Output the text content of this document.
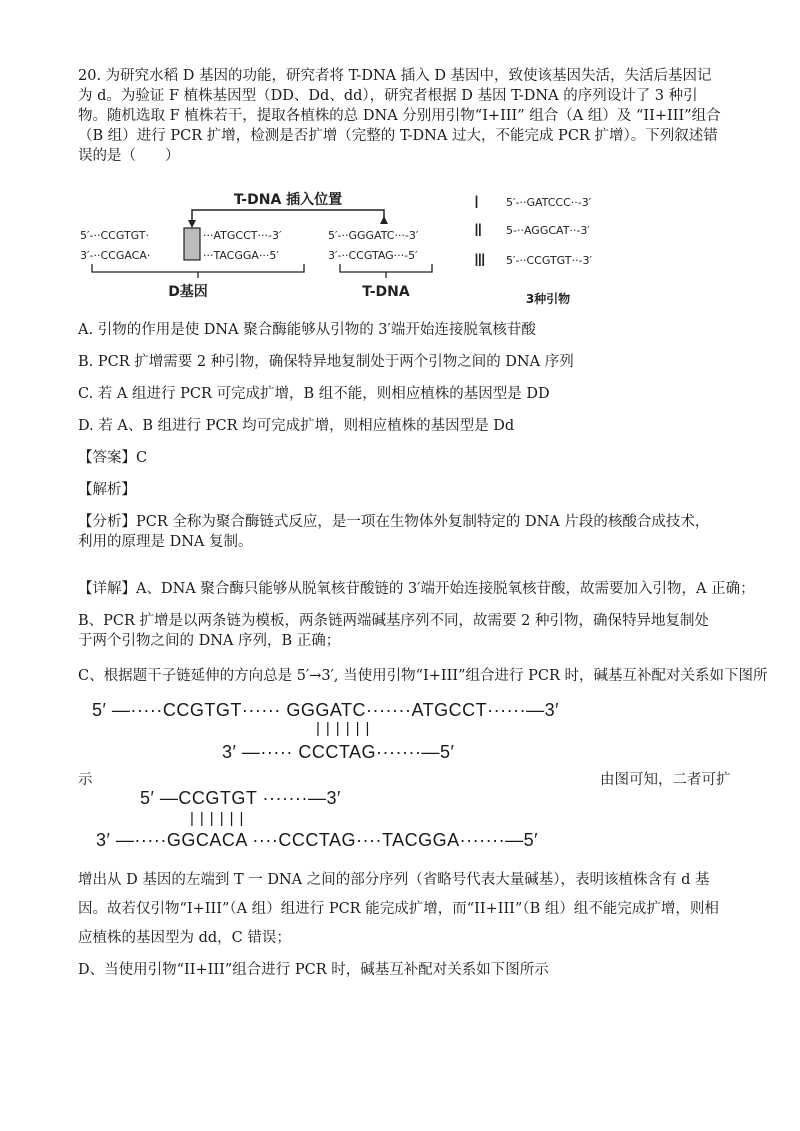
20. 为研究水稻 D 基因的功能，研究者将 T-DNA 插入 D 基因中，致使该基因失活，失活后基因记为 d。为验证 F 植株基因型（DD、Dd、dd），研究者根据 D 基因 T-DNA 的序列设计了 3 种引物。随机选取 F 植株若干，提取各植株的总 DNA 分别用引物“I+III” 组合（A 组）及 “II+III”组合（B 组）进行 PCR 扩增，检测是否扩增（完整的 T-DNA 过大，不能完成 PCR 扩增）。下列叙述错误的是（　　）

T-DNA 插入位置
5′-··CCGTGT·
3′-··CCGACA·
···ATGCCT···-3′
···TACGGA···5′
D基因
5′-··GGGATC···-3′
3′-··CCGTAG···-5′
T-DNA
Ⅰ 5′-··GATCCC··-3′
Ⅱ 5-··AGGCAT··-3′
Ⅲ 5′-··CCGTGT··-3′
3种引物

A. 引物的作用是使 DNA 聚合酶能够从引物的 3′端开始连接脱氧核苷酸

B. PCR 扩增需要 2 种引物，确保特异地复制处于两个引物之间的 DNA 序列

C. 若 A 组进行 PCR 可完成扩增，B 组不能，则相应植株的基因型是 DD

D. 若 A、B 组进行 PCR 均可完成扩增，则相应植株的基因型是 Dd

【答案】C

【解析】

【分析】PCR 全称为聚合酶链式反应，是一项在生物体外复制特定的 DNA 片段的核酸合成技术，利用的原理是 DNA 复制。

【详解】A、DNA 聚合酶只能够从脱氧核苷酸链的 3′端开始连接脱氧核苷酸，故需要加入引物，A 正确；

B、PCR 扩增是以两条链为模板，两条链两端碱基序列不同，故需要 2 种引物，确保特异地复制处于两个引物之间的 DNA 序列，B 正确；

C、根据题干子链延伸的方向总是 5′→3′, 当使用引物“I+III”组合进行 PCR 时，碱基互补配对关系如下图所

5′ —·····CCGTGT······ GGGATC·······ATGCCT······—3′
||||||
3′ —····· CCCTAG·······—5′

示	由图可知，二者可扩

5′ —CCGTGT ·······—3′
||||||
3′ —·····GGCACA ····CCCTAG····TACGGA·······—5′

增出从 D 基因的左端到 T 一 DNA 之间的部分序列（省略号代表大量碱基），表明该植株含有 d 基因。故若仅引物“I+III”（A 组）组进行 PCR 能完成扩增，而“II+III”（B 组）组不能完成扩增，则相应植株的基因型为 dd，C 错误；

D、当使用引物“II+III”组合进行 PCR 时，碱基互补配对关系如下图所示
